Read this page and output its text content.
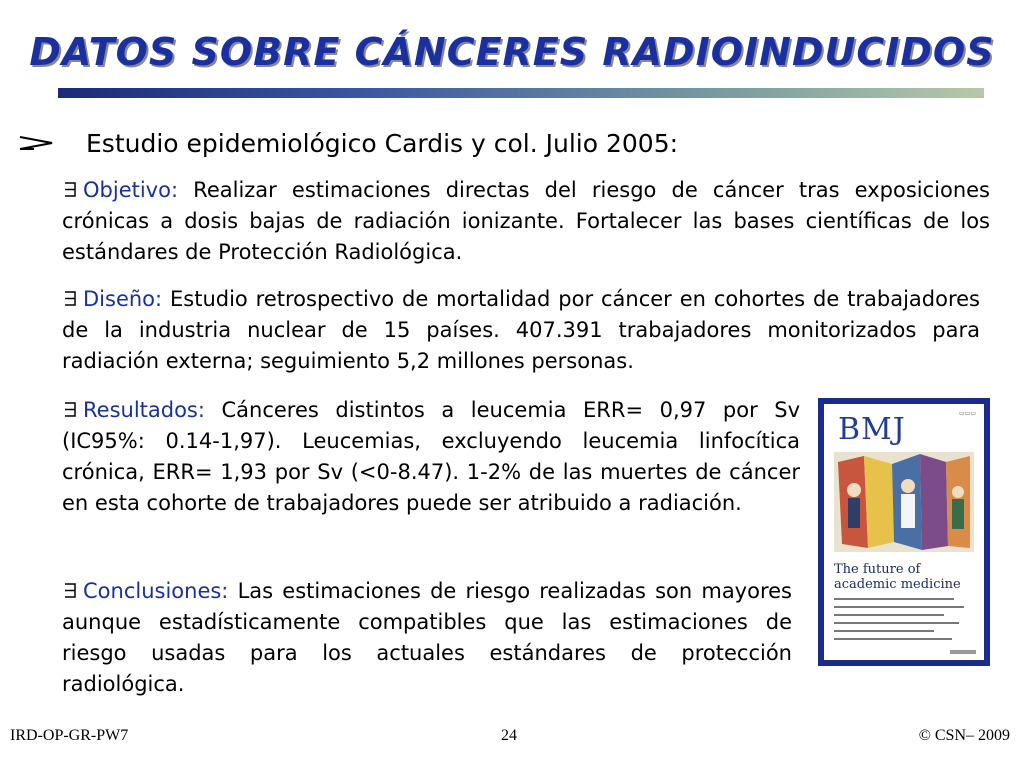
DATOS SOBRE CÁNCERES RADIOINDUCIDOS
Estudio epidemiológico Cardis y col. Julio 2005:
Objetivo: Realizar estimaciones directas del riesgo de cáncer tras exposiciones crónicas a dosis bajas de radiación ionizante. Fortalecer las bases científicas de los estándares de Protección Radiológica.
Diseño: Estudio retrospectivo de mortalidad por cáncer en cohortes de trabajadores de la industria nuclear de 15 países. 407.391 trabajadores monitorizados para radiación externa; seguimiento 5,2 millones personas.
Resultados: Cánceres distintos a leucemia ERR= 0,97 por Sv (IC95%: 0.14-1,97). Leucemias, excluyendo leucemia linfocítica crónica, ERR= 1,93 por Sv (<0-8.47). 1-2% de las muertes de cáncer en esta cohorte de trabajadores puede ser atribuido a radiación.
Conclusiones: Las estimaciones de riesgo realizadas son mayores aunque estadísticamente compatibles que las estimaciones de riesgo usadas para los actuales estándares de protección radiológica.
▭▭▭
BMJ
The future of academic medicine
IRD-OP-GR-PW7	24	© CSN– 2009
